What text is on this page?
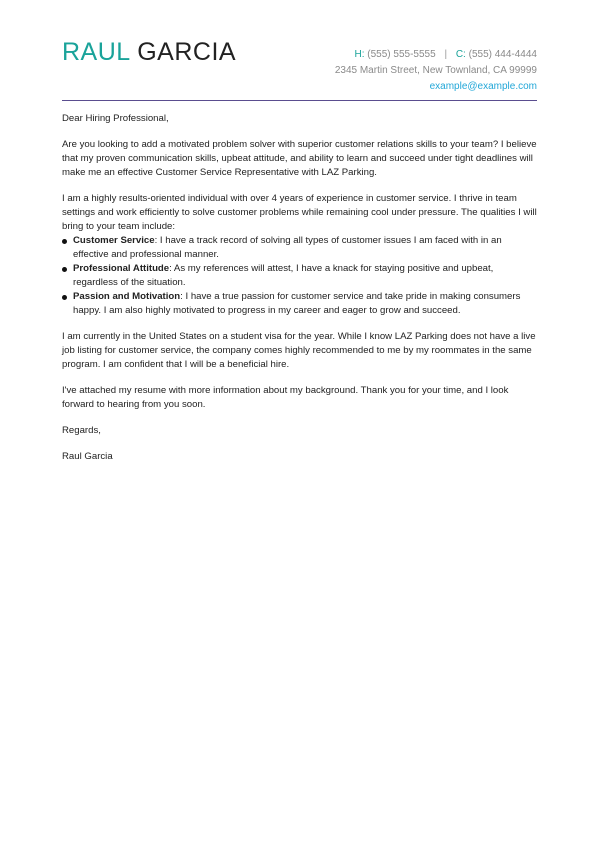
RAUL GARCIA	H: (555) 555-5555 | C: (555) 444-4444
2345 Martin Street, New Townland, CA 99999
example@example.com

Dear Hiring Professional,

Are you looking to add a motivated problem solver with superior customer relations skills to your team? I believe that my proven communication skills, upbeat attitude, and ability to learn and succeed under tight deadlines will make me an effective Customer Service Representative with LAZ Parking.

I am a highly results-oriented individual with over 4 years of experience in customer service. I thrive in team settings and work efficiently to solve customer problems while remaining cool under pressure. The qualities I will bring to your team include:

Customer Service: I have a track record of solving all types of customer issues I am faced with in an effective and professional manner.
Professional Attitude: As my references will attest, I have a knack for staying positive and upbeat, regardless of the situation.
Passion and Motivation: I have a true passion for customer service and take pride in making consumers happy. I am also highly motivated to progress in my career and eager to grow and succeed.

I am currently in the United States on a student visa for the year. While I know LAZ Parking does not have a live job listing for customer service, the company comes highly recommended to me by my roommates in the same program. I am confident that I will be a beneficial hire.

I've attached my resume with more information about my background. Thank you for your time, and I look forward to hearing from you soon.

Regards,

Raul Garcia
